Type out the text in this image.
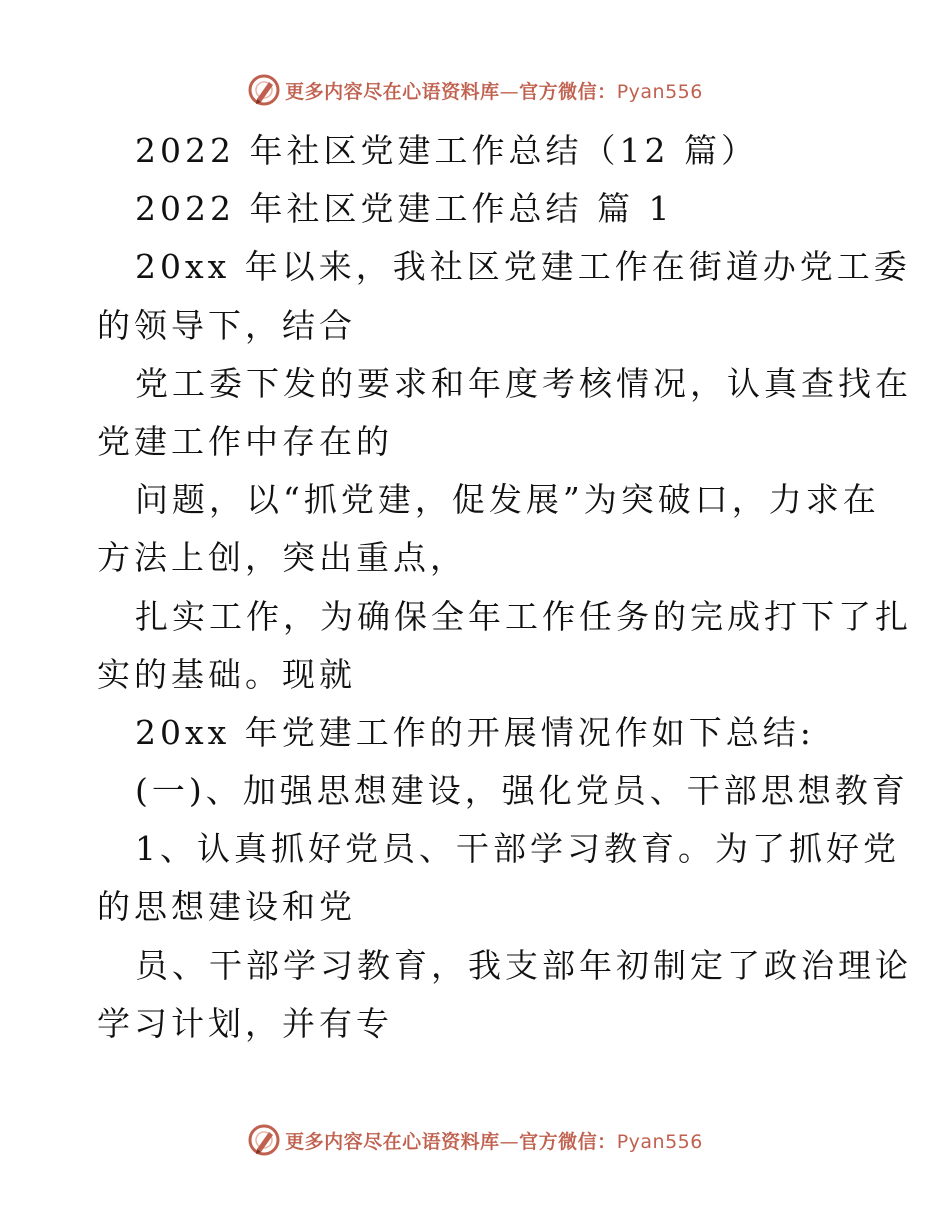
更多内容尽在心语资料库—官方微信：Pyan556
2022 年社区党建工作总结（12 篇）
2022 年社区党建工作总结 篇 1
20xx 年以来，我社区党建工作在街道办党工委
的领导下，结合
党工委下发的要求和年度考核情况，认真查找在
党建工作中存在的
问题，以“抓党建，促发展”为突破口，力求在
方法上创，突出重点，
扎实工作，为确保全年工作任务的完成打下了扎
实的基础。现就
20xx 年党建工作的开展情况作如下总结:
(一)、加强思想建设，强化党员、干部思想教育
1、认真抓好党员、干部学习教育。为了抓好党
的思想建设和党
员、干部学习教育，我支部年初制定了政治理论
学习计划，并有专
更多内容尽在心语资料库—官方微信：Pyan556
